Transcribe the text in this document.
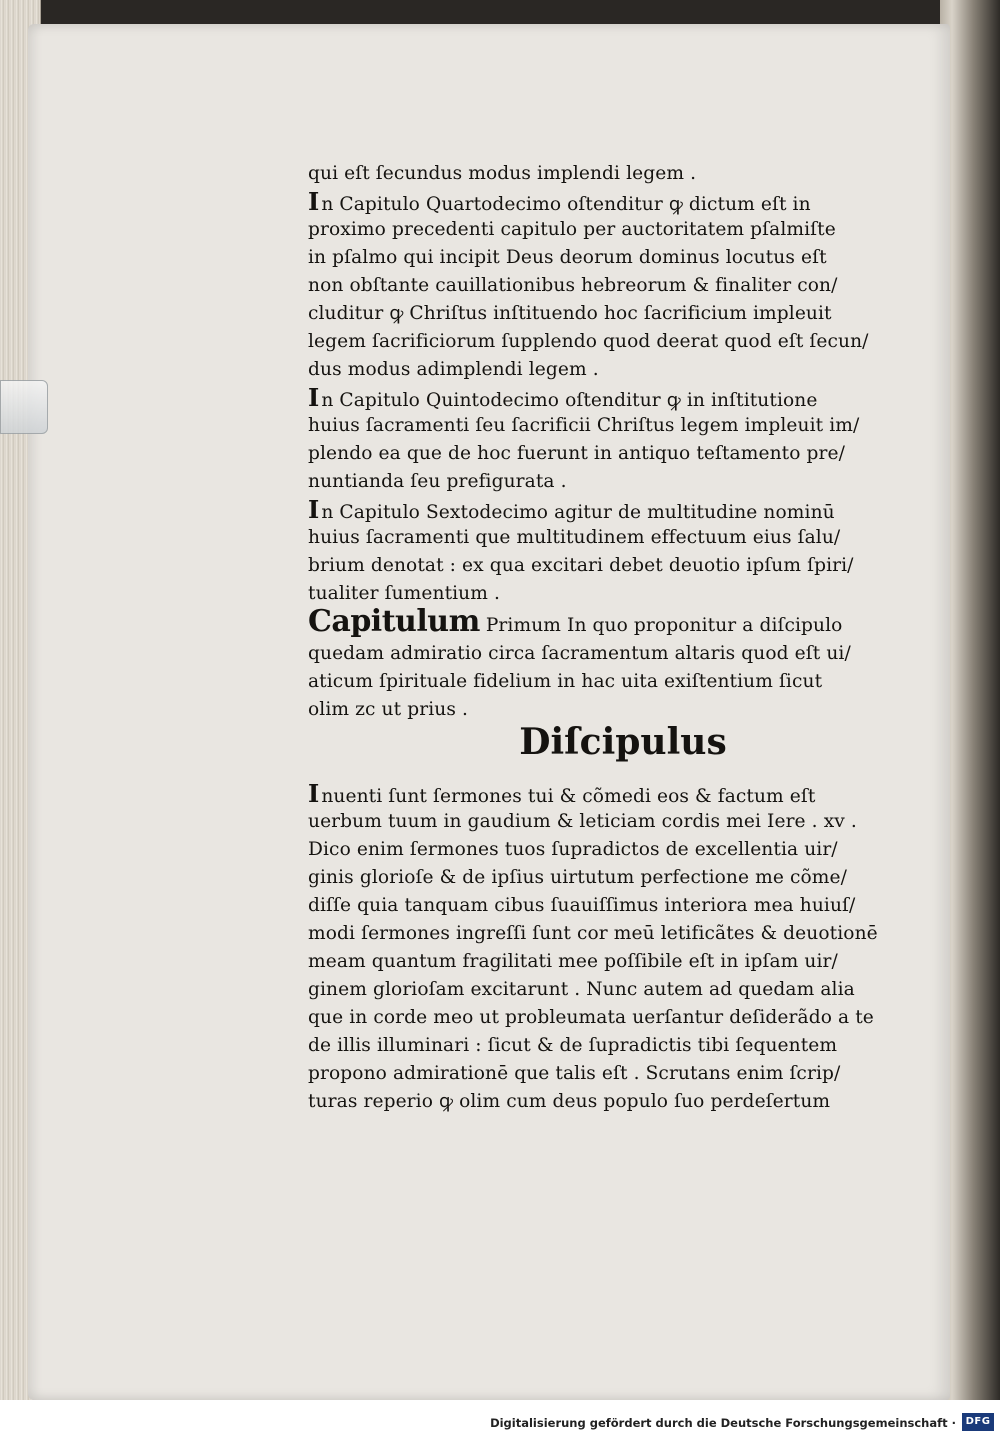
qui eſt ſecundus modus implendi legem .
I n Capitulo Quartodecimo oſtenditur ꝙ dictum eſt in
proximo precedenti capitulo per auctoritatem pſalmiſte
in pſalmo qui incipit Deus deorum dominus locutus eſt
non obſtante cauillationibus hebreorum & finaliter con/
cluditur ꝙ Chriſtus inſtituendo hoc ſacrificium impleuit
legem ſacrificiorum ſupplendo quod deerat quod eſt ſecun/
dus modus adimplendi legem .
I n Capitulo Quintodecimo oſtenditur ꝙ in inſtitutione
huius ſacramenti ſeu ſacrificii Chriſtus legem impleuit im/
plendo ea que de hoc fuerunt in antiquo teſtamento pre/
nuntianda ſeu prefigurata .
I n Capitulo Sextodecimo agitur de multitudine nominū
huius ſacramenti que multitudinem effectuum eius ſalu/
brium denotat : ex qua excitari debet deuotio ipſum ſpiri/
tualiter ſumentium .
Capitulum Primum In quo proponitur a diſcipulo
quedam admiratio circa ſacramentum altaris quod eſt ui/
aticum ſpirituale fidelium in hac uita exiſtentium ſicut
olim zc ut prius .
Diſcipulus
I nuenti ſunt ſermones tui & cõmedi eos & factum eſt
uerbum tuum in gaudium & leticiam cordis mei Iere . xv .
Dico enim ſermones tuos ſupradictos de excellentia uir/
ginis glorioſe & de ipſius uirtutum perfectione me cõme/
diſſe quia tanquam cibus ſuauiſſimus interiora mea huiuſ/
modi ſermones ingreſſi ſunt cor meū letificãtes & deuotionē
meam quantum fragilitati mee poſſibile eſt in ipſam uir/
ginem glorioſam excitarunt . Nunc autem ad quedam alia
que in corde meo ut probleumata uerſantur deſiderãdo a te
de illis illuminari : ſicut & de ſupradictis tibi ſequentem
propono admirationē que talis eſt . Scrutans enim ſcrip/
turas reperio ꝙ olim cum deus populo ſuo perdeſertum
Digitalisierung gefördert durch die Deutsche Forschungsgemeinschaft · DFG
